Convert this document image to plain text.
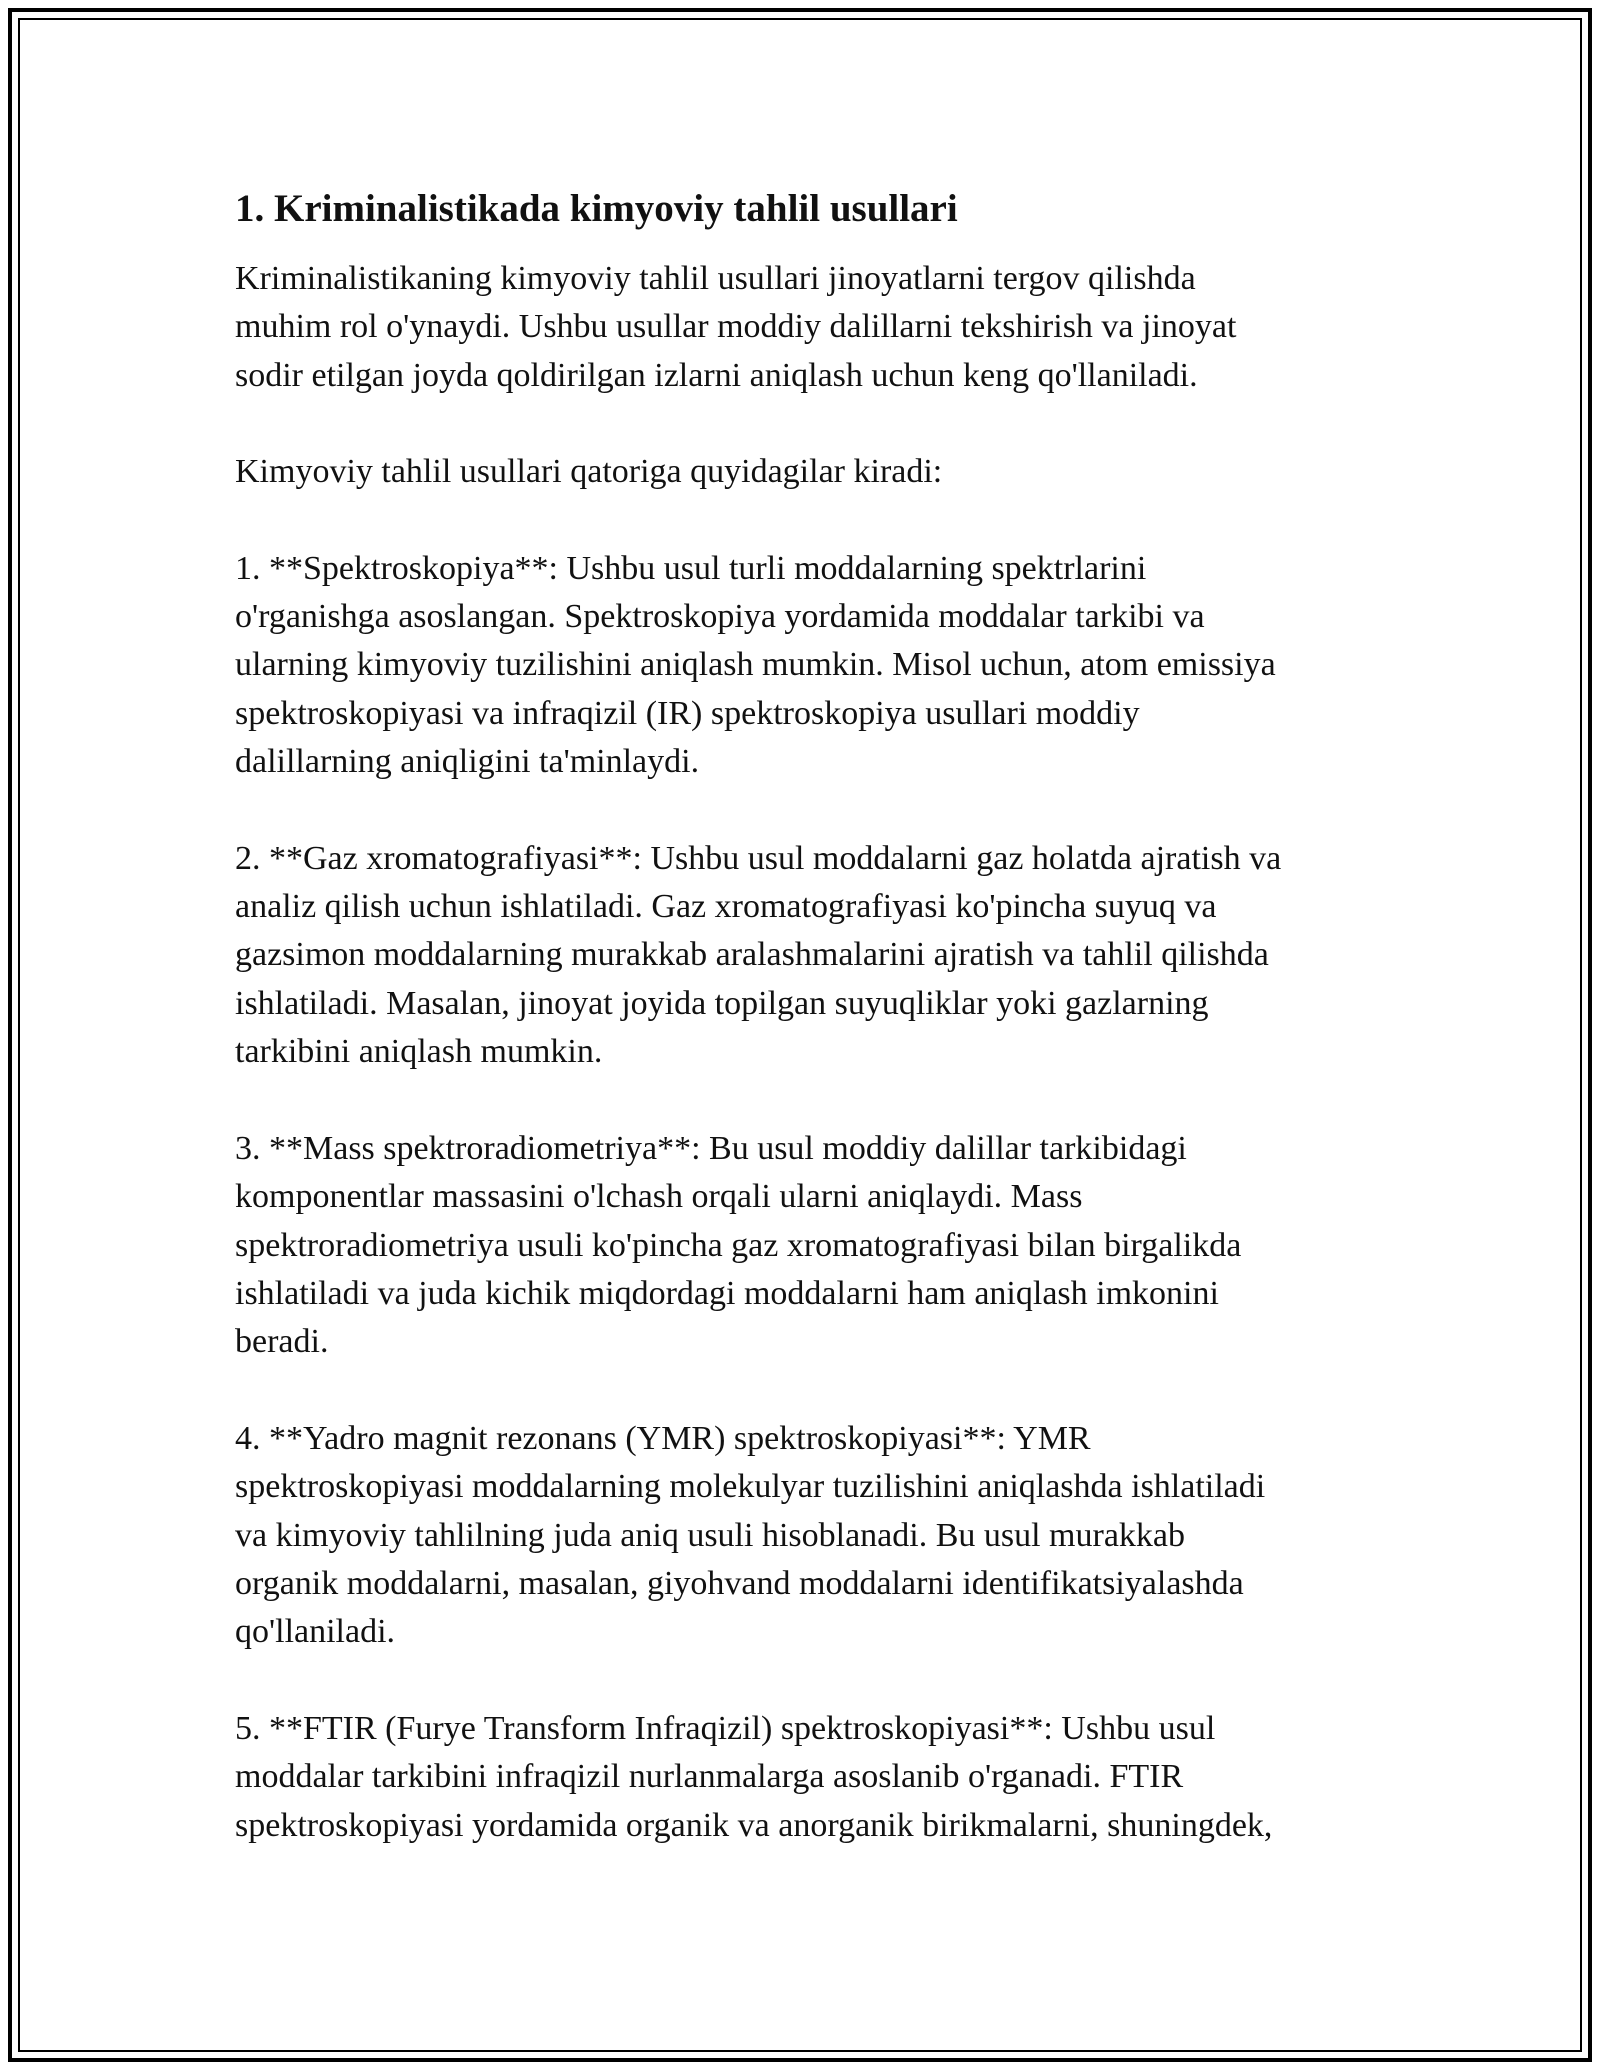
1. Kriminalistikada kimyoviy tahlil usullari
Kriminalistikaning kimyoviy tahlil usullari jinoyatlarni tergov qilishda
muhim rol o'ynaydi. Ushbu usullar moddiy dalillarni tekshirish va jinoyat
sodir etilgan joyda qoldirilgan izlarni aniqlash uchun keng qo'llaniladi.
Kimyoviy tahlil usullari qatoriga quyidagilar kiradi:
1. **Spektroskopiya**: Ushbu usul turli moddalarning spektrlarini
o'rganishga asoslangan. Spektroskopiya yordamida moddalar tarkibi va
ularning kimyoviy tuzilishini aniqlash mumkin. Misol uchun, atom emissiya
spektroskopiyasi va infraqizil (IR) spektroskopiya usullari moddiy
dalillarning aniqligini ta'minlaydi.
2. **Gaz xromatografiyasi**: Ushbu usul moddalarni gaz holatda ajratish va
analiz qilish uchun ishlatiladi. Gaz xromatografiyasi ko'pincha suyuq va
gazsimon moddalarning murakkab aralashmalarini ajratish va tahlil qilishda
ishlatiladi. Masalan, jinoyat joyida topilgan suyuqliklar yoki gazlarning
tarkibini aniqlash mumkin.
3. **Mass spektroradiometriya**: Bu usul moddiy dalillar tarkibidagi
komponentlar massasini o'lchash orqali ularni aniqlaydi. Mass
spektroradiometriya usuli ko'pincha gaz xromatografiyasi bilan birgalikda
ishlatiladi va juda kichik miqdordagi moddalarni ham aniqlash imkonini
beradi.
4. **Yadro magnit rezonans (YMR) spektroskopiyasi**: YMR
spektroskopiyasi moddalarning molekulyar tuzilishini aniqlashda ishlatiladi
va kimyoviy tahlilning juda aniq usuli hisoblanadi. Bu usul murakkab
organik moddalarni, masalan, giyohvand moddalarni identifikatsiyalashda
qo'llaniladi.
5. **FTIR (Furye Transform Infraqizil) spektroskopiyasi**: Ushbu usul
moddalar tarkibini infraqizil nurlanmalarga asoslanib o'rganadi. FTIR
spektroskopiyasi yordamida organik va anorganik birikmalarni, shuningdek,
